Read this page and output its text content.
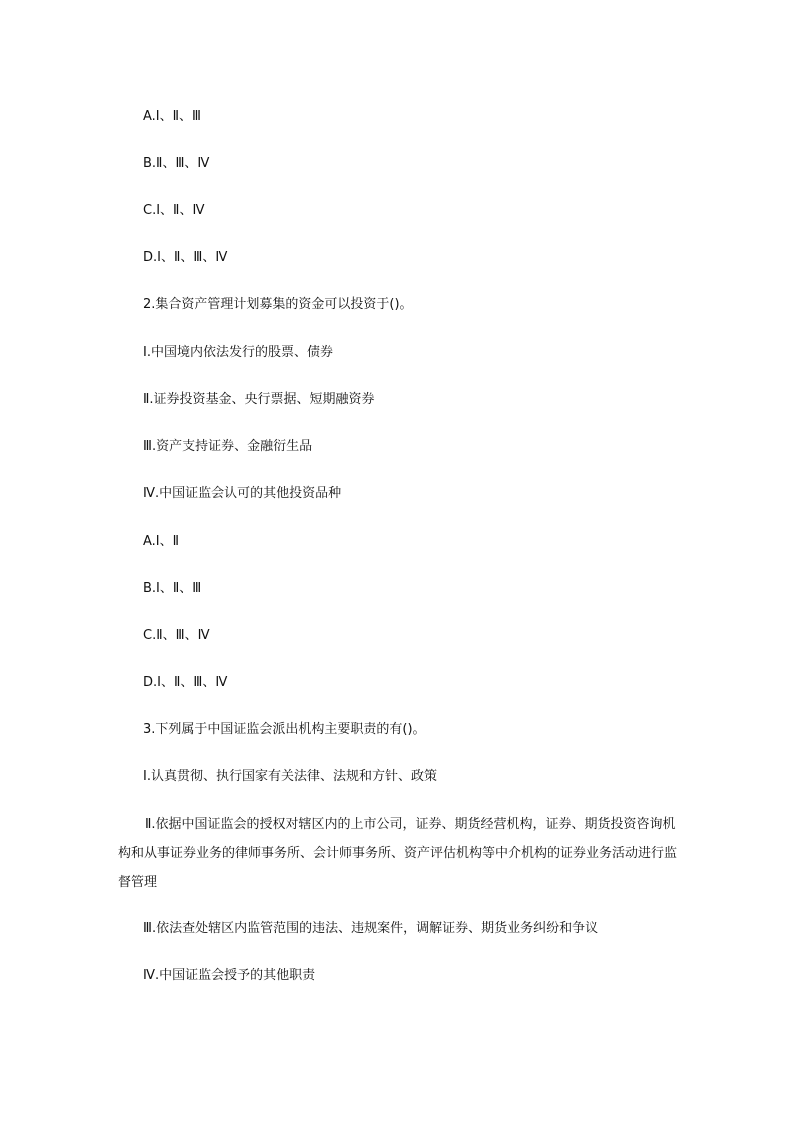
A.Ⅰ、Ⅱ、Ⅲ
B.Ⅱ、Ⅲ、Ⅳ
C.Ⅰ、Ⅱ、Ⅳ
D.Ⅰ、Ⅱ、Ⅲ、Ⅳ
2.集合资产管理计划募集的资金可以投资于()。
Ⅰ.中国境内依法发行的股票、债券
Ⅱ.证券投资基金、央行票据、短期融资券
Ⅲ.资产支持证券、金融衍生品
Ⅳ.中国证监会认可的其他投资品种
A.Ⅰ、Ⅱ
B.Ⅰ、Ⅱ、Ⅲ
C.Ⅱ、Ⅲ、Ⅳ
D.Ⅰ、Ⅱ、Ⅲ、Ⅳ
3.下列属于中国证监会派出机构主要职责的有()。
Ⅰ.认真贯彻、执行国家有关法律、法规和方针、政策
Ⅱ.依据中国证监会的授权对辖区内的上市公司，证券、期货经营机构，证券、期货投资咨询机构和从事证券业务的律师事务所、会计师事务所、资产评估机构等中介机构的证券业务活动进行监督管理
Ⅲ.依法查处辖区内监管范围的违法、违规案件，调解证券、期货业务纠纷和争议
Ⅳ.中国证监会授予的其他职责
